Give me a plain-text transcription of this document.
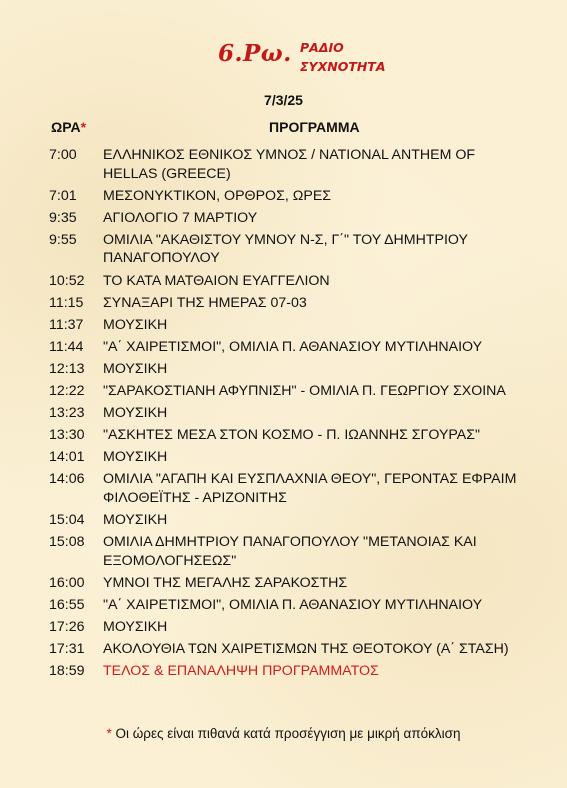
6.Ρω. ΡΑΔΙΟ
ΣΥΧΝΟΤΗΤΑ
7/3/25
ΩΡΑ*	ΠΡΟΓΡΑΜΜΑ
7:00	ΕΛΛΗΝΙΚΟΣ ΕΘΝΙΚΟΣ ΥΜΝΟΣ / NATIONAL ANTHEM OF HELLAS (GREECE)
7:01	ΜΕΣΟΝΥΚΤΙΚΟΝ, ΟΡΘΡΟΣ, ΩΡΕΣ
9:35	ΑΓΙΟΛΟΓΙΟ 7 ΜΑΡΤΙΟΥ
9:55	ΟΜΙΛΙΑ "ΑΚΑΘΙΣΤΟΥ ΥΜΝΟΥ Ν-Σ, Γ΄" ΤΟΥ ΔΗΜΗΤΡΙΟΥ ΠΑΝΑΓΟΠΟΥΛΟΥ
10:52	ΤΟ ΚΑΤΑ ΜΑΤΘΑΙΟΝ ΕΥΑΓΓΕΛΙΟΝ
11:15	ΣΥΝΑΞΑΡΙ ΤΗΣ ΗΜΕΡΑΣ 07-03
11:37	ΜΟΥΣΙΚΗ
11:44	"Α΄ ΧΑΙΡΕΤΙΣΜΟΙ", ΟΜΙΛΙΑ Π. ΑΘΑΝΑΣΙΟΥ ΜΥΤΙΛΗΝΑΙΟΥ
12:13	ΜΟΥΣΙΚΗ
12:22	"ΣΑΡΑΚΟΣΤΙΑΝΗ ΑΦΥΠΝΙΣΗ" - ΟΜΙΛΙΑ Π. ΓΕΩΡΓΙΟΥ ΣΧΟΙΝΑ
13:23	ΜΟΥΣΙΚΗ
13:30	"ΑΣΚΗΤΕΣ ΜΕΣΑ ΣΤΟΝ ΚΟΣΜΟ - Π. ΙΩΑΝΝΗΣ ΣΓΟΥΡΑΣ"
14:01	ΜΟΥΣΙΚΗ
14:06	ΟΜΙΛΙΑ "ΑΓΑΠΗ ΚΑΙ ΕΥΣΠΛΑΧΝΙΑ ΘΕΟΥ", ΓΕΡΟΝΤΑΣ ΕΦΡΑΙΜ ΦΙΛΟΘΕΪΤΗΣ - ΑΡΙΖΟΝΙΤΗΣ
15:04	ΜΟΥΣΙΚΗ
15:08	ΟΜΙΛΙΑ ΔΗΜΗΤΡΙΟΥ ΠΑΝΑΓΟΠΟΥΛΟΥ "ΜΕΤΑΝΟΙΑΣ ΚΑΙ ΕΞΟΜΟΛΟΓΗΣΕΩΣ"
16:00	ΥΜΝΟΙ ΤΗΣ ΜΕΓΑΛΗΣ ΣΑΡΑΚΟΣΤΗΣ
16:55	"Α΄ ΧΑΙΡΕΤΙΣΜΟΙ", ΟΜΙΛΙΑ Π. ΑΘΑΝΑΣΙΟΥ ΜΥΤΙΛΗΝΑΙΟΥ
17:26	ΜΟΥΣΙΚΗ
17:31	ΑΚΟΛΟΥΘΙΑ ΤΩΝ ΧΑΙΡΕΤΙΣΜΩΝ ΤΗΣ ΘΕΟΤΟΚΟΥ (Α΄ ΣΤΑΣΗ)
18:59	ΤΕΛΟΣ & ΕΠΑΝΑΛΗΨΗ ΠΡΟΓΡΑΜΜΑΤΟΣ
* Οι ώρες είναι πιθανά κατά προσέγγιση με μικρή απόκλιση
